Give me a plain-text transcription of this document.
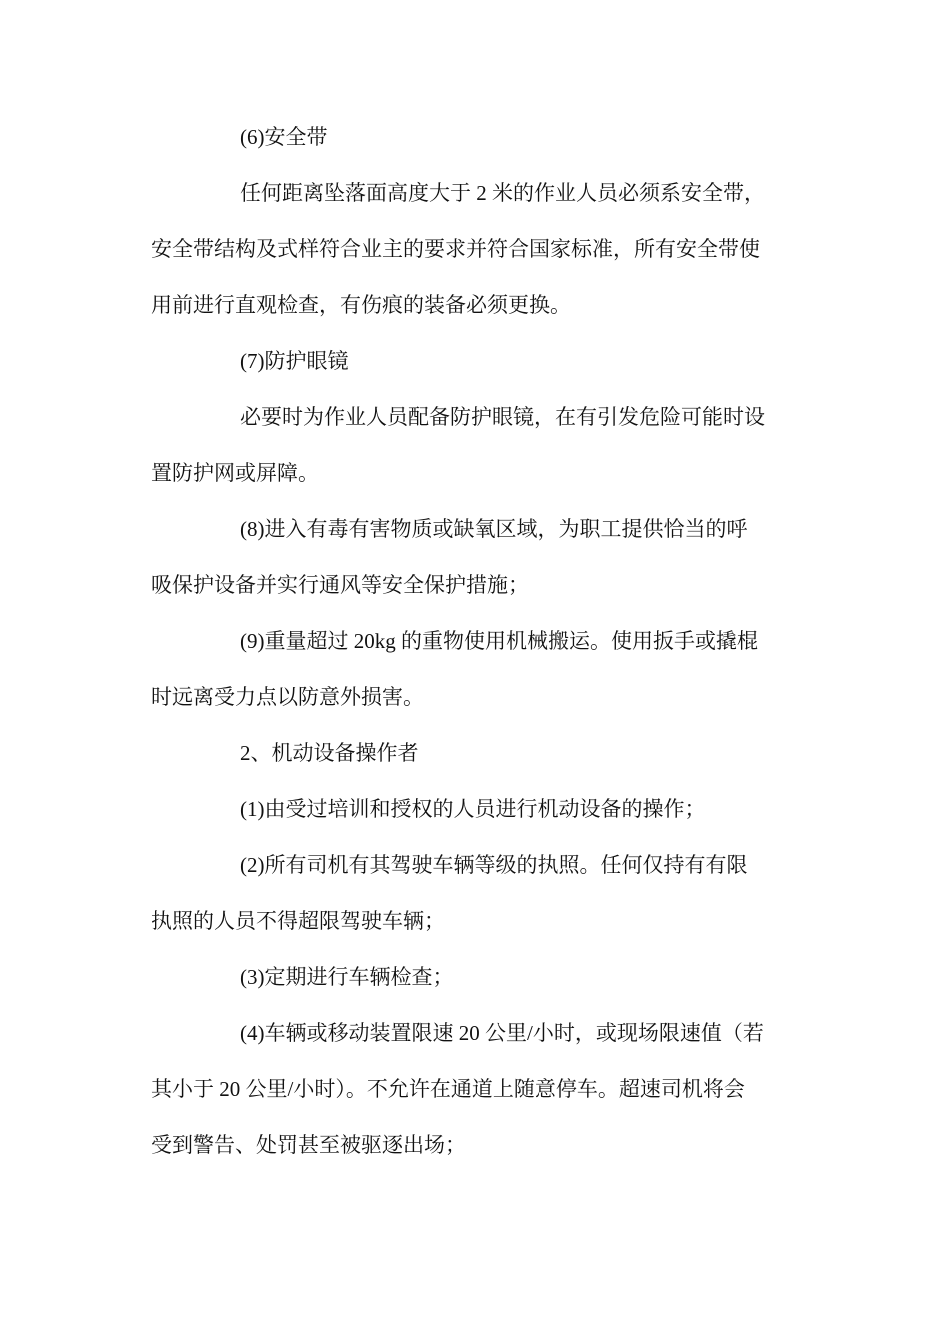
(6)安全带
任何距离坠落面高度大于 2 米的作业人员必须系安全带，
安全带结构及式样符合业主的要求并符合国家标准，所有安全带使
用前进行直观检查，有伤痕的装备必须更换。
(7)防护眼镜
必要时为作业人员配备防护眼镜，在有引发危险可能时设
置防护网或屏障。
(8)进入有毒有害物质或缺氧区域，为职工提供恰当的呼
吸保护设备并实行通风等安全保护措施；
(9)重量超过 20kg 的重物使用机械搬运。使用扳手或撬棍
时远离受力点以防意外损害。
2、机动设备操作者
(1)由受过培训和授权的人员进行机动设备的操作；
(2)所有司机有其驾驶车辆等级的执照。任何仅持有有限
执照的人员不得超限驾驶车辆；
(3)定期进行车辆检查；
(4)车辆或移动装置限速 20 公里/小时，或现场限速值（若
其小于 20 公里/小时）。不允许在通道上随意停车。超速司机将会
受到警告、处罚甚至被驱逐出场；
